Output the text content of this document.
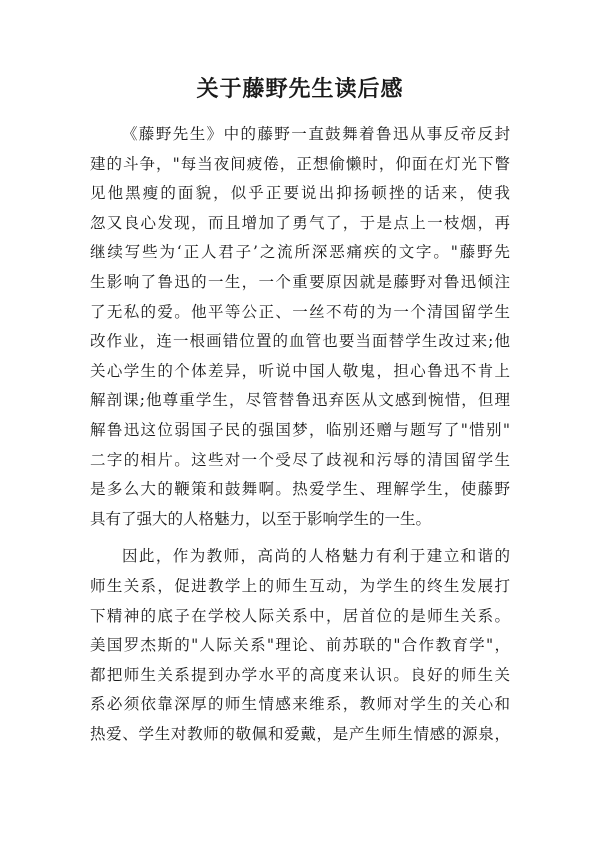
关于藤野先生读后感
《藤野先生》中的藤野一直鼓舞着鲁迅从事反帝反封
建的斗争，"每当夜间疲倦，正想偷懒时，仰面在灯光下瞥
见他黑瘦的面貌，似乎正要说出抑扬顿挫的话来，使我
忽又良心发现，而且增加了勇气了，于是点上一枝烟，再
继续写些为‘正人君子’之流所深恶痛疾的文字。"藤野先
生影响了鲁迅的一生，一个重要原因就是藤野对鲁迅倾注
了无私的爱。他平等公正、一丝不苟的为一个清国留学生
改作业，连一根画错位置的血管也要当面替学生改过来;他
关心学生的个体差异，听说中国人敬鬼，担心鲁迅不肯上
解剖课;他尊重学生，尽管替鲁迅弃医从文感到惋惜，但理
解鲁迅这位弱国子民的强国梦，临别还赠与题写了"惜别"
二字的相片。这些对一个受尽了歧视和污辱的清国留学生
是多么大的鞭策和鼓舞啊。热爱学生、理解学生，使藤野
具有了强大的人格魅力，以至于影响学生的一生。
因此，作为教师，高尚的人格魅力有利于建立和谐的
师生关系，促进教学上的师生互动，为学生的终生发展打
下精神的底子在学校人际关系中，居首位的是师生关系。
美国罗杰斯的"人际关系"理论、前苏联的"合作教育学"，
都把师生关系提到办学水平的高度来认识。良好的师生关
系必须依靠深厚的师生情感来维系，教师对学生的关心和
热爱、学生对教师的敬佩和爱戴，是产生师生情感的源泉，
